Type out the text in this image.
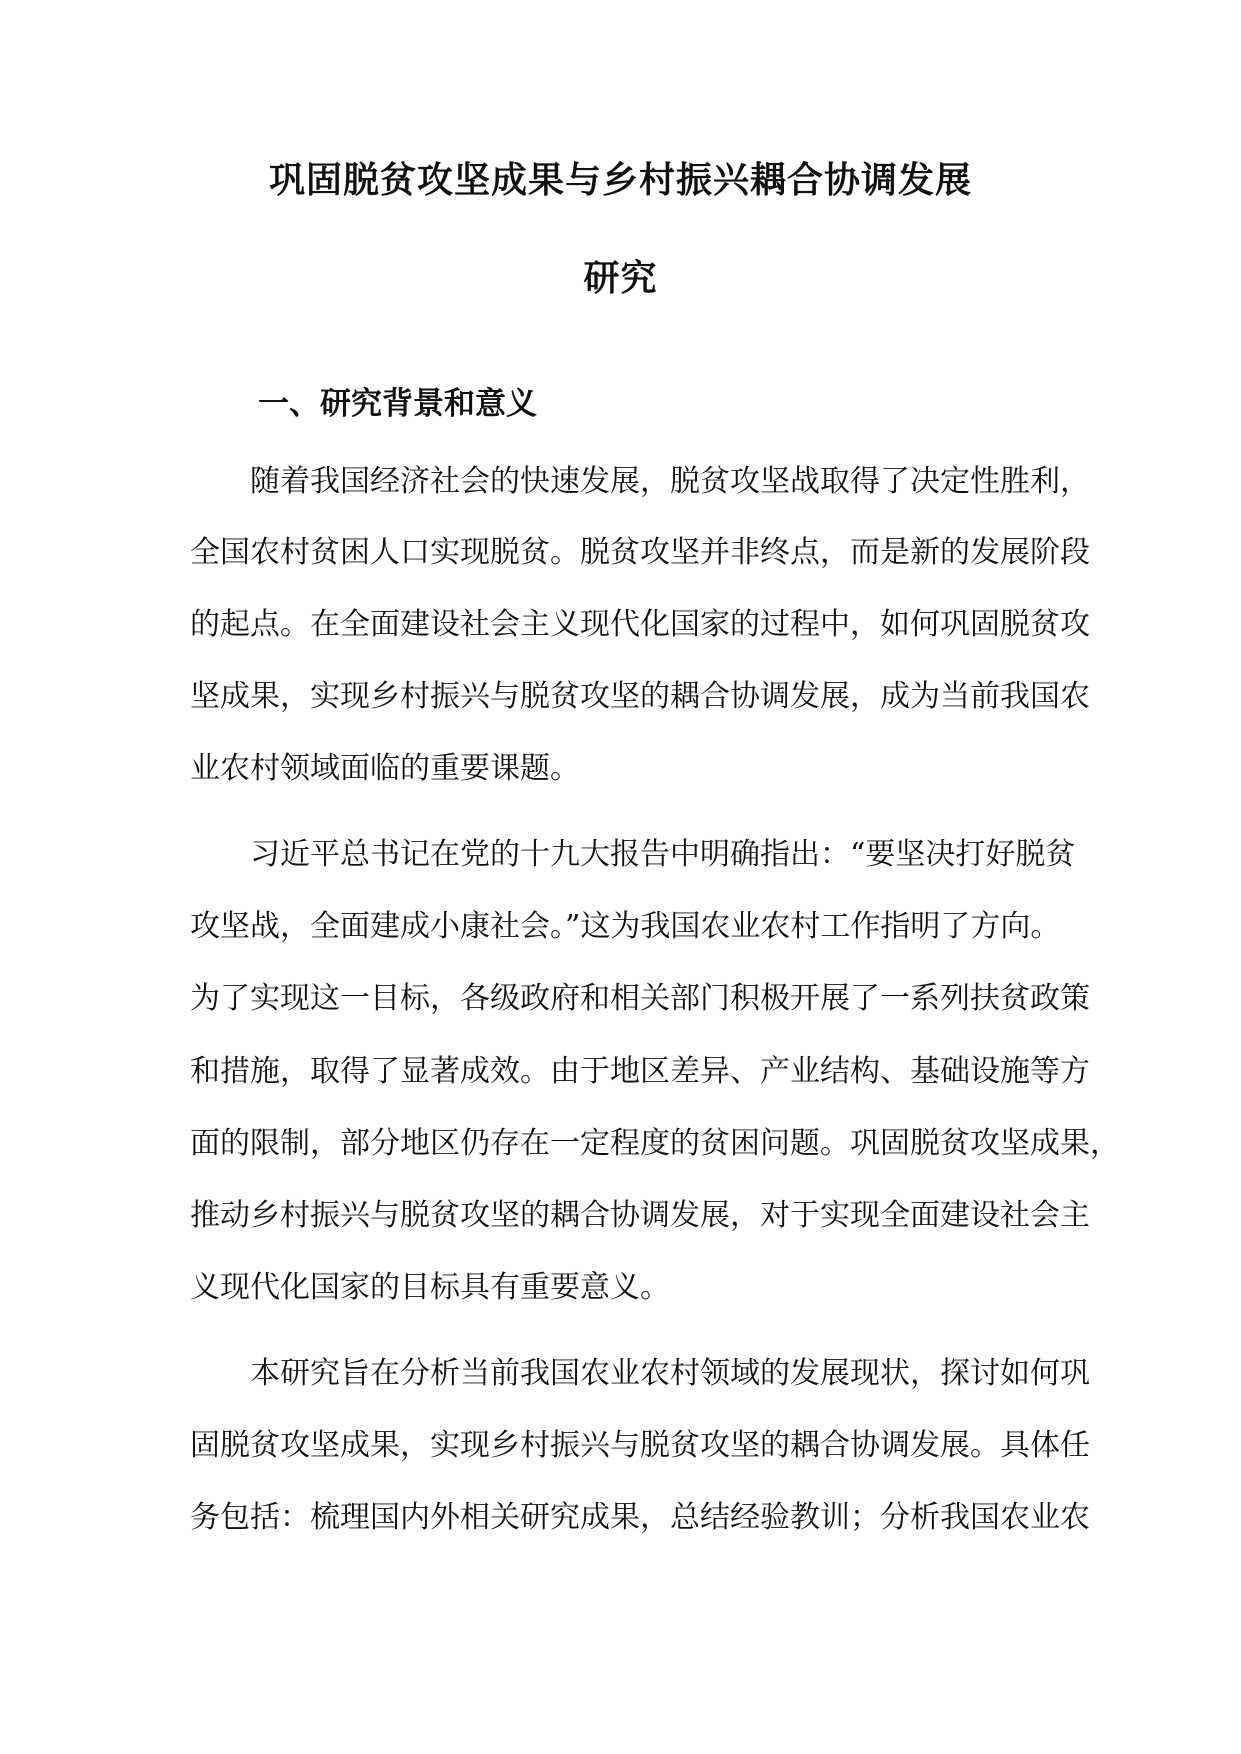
巩固脱贫攻坚成果与乡村振兴耦合协调发展
研究
一、研究背景和意义
随着我国经济社会的快速发展，脱贫攻坚战取得了决定性胜利，
全国农村贫困人口实现脱贫。脱贫攻坚并非终点，而是新的发展阶段
的起点。在全面建设社会主义现代化国家的过程中，如何巩固脱贫攻
坚成果，实现乡村振兴与脱贫攻坚的耦合协调发展，成为当前我国农
业农村领域面临的重要课题。
习近平总书记在党的十九大报告中明确指出：“要坚决打好脱贫
攻坚战，全面建成小康社会。”这为我国农业农村工作指明了方向。
为了实现这一目标，各级政府和相关部门积极开展了一系列扶贫政策
和措施，取得了显著成效。由于地区差异、产业结构、基础设施等方
面的限制，部分地区仍存在一定程度的贫困问题。巩固脱贫攻坚成果，
推动乡村振兴与脱贫攻坚的耦合协调发展，对于实现全面建设社会主
义现代化国家的目标具有重要意义。
本研究旨在分析当前我国农业农村领域的发展现状，探讨如何巩
固脱贫攻坚成果，实现乡村振兴与脱贫攻坚的耦合协调发展。具体任
务包括：梳理国内外相关研究成果，总结经验教训；分析我国农业农
